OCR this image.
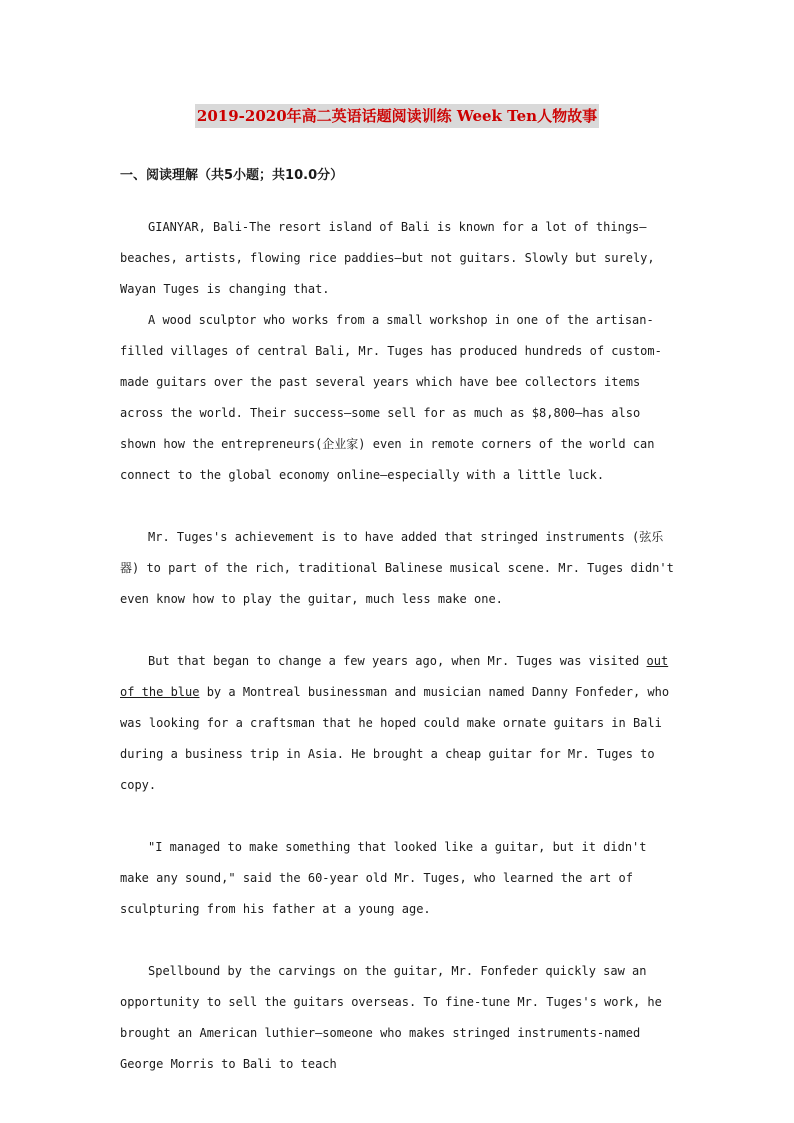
2019-2020年高二英语话题阅读训练 Week Ten人物故事
一、阅读理解（共5小题；共10.0分）

GIANYAR, Bali-The resort island of Bali is known for a lot of things—beaches, artists, flowing rice paddies—but not guitars. Slowly but surely, Wayan Tuges is changing that.

A wood sculptor who works from a small workshop in one of the artisan-filled villages of central Bali, Mr. Tuges has produced hundreds of custom-made guitars over the past several years which have bee collectors items across the world. Their success—some sell for as much as $8,800—has also shown how the entrepreneurs(企业家) even in remote corners of the world can connect to the global economy online—especially with a little luck.

Mr. Tuges's achievement is to have added that stringed instruments (弦乐器) to part of the rich, traditional Balinese musical scene. Mr. Tuges didn't even know how to play the guitar, much less make one.

But that began to change a few years ago, when Mr. Tuges was visited out of the blue by a Montreal businessman and musician named Danny Fonfeder, who was looking for a craftsman that he hoped could make ornate guitars in Bali during a business trip in Asia. He brought a cheap guitar for Mr. Tuges to copy.

"I managed to make something that looked like a guitar, but it didn't make any sound," said the 60-year old Mr. Tuges, who learned the art of sculpturing from his father at a young age.

Spellbound by the carvings on the guitar, Mr. Fonfeder quickly saw an opportunity to sell the guitars overseas. To fine-tune Mr. Tuges's work, he brought an American luthier—someone who makes stringed instruments-named George Morris to Bali to teach
